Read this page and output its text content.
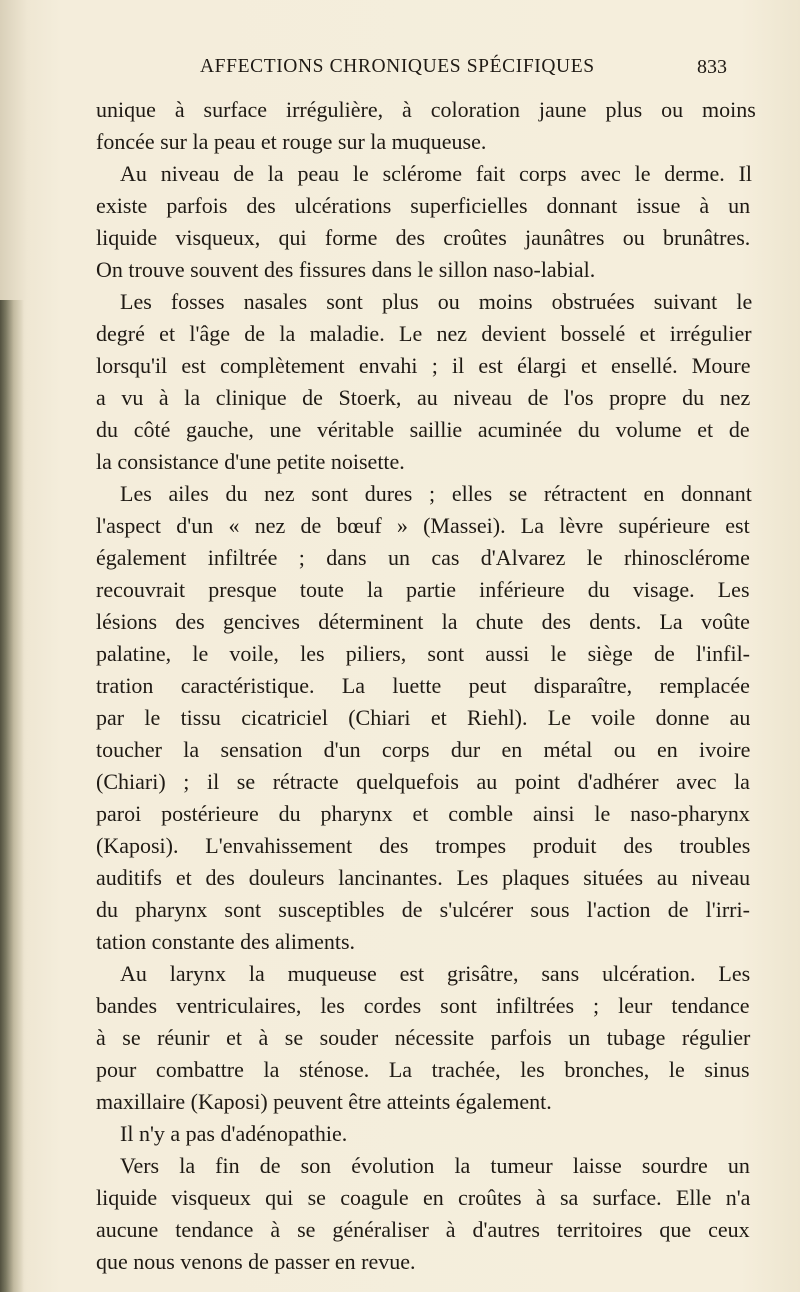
AFFECTIONS CHRONIQUES SPÉCIFIQUES	833
unique à surface irrégulière, à coloration jaune plus ou moins
foncée sur la peau et rouge sur la muqueuse.
Au niveau de la peau le sclérome fait corps avec le derme. Il
existe parfois des ulcérations superficielles donnant issue à un
liquide visqueux, qui forme des croûtes jaunâtres ou brunâtres.
On trouve souvent des fissures dans le sillon naso-labial.
Les fosses nasales sont plus ou moins obstruées suivant le
degré et l'âge de la maladie. Le nez devient bosselé et irrégulier
lorsqu'il est complètement envahi ; il est élargi et ensellé. Moure
a vu à la clinique de Stoerk, au niveau de l'os propre du nez
du côté gauche, une véritable saillie acuminée du volume et de
la consistance d'une petite noisette.
Les ailes du nez sont dures ; elles se rétractent en donnant
l'aspect d'un « nez de bœuf » (Massei). La lèvre supérieure est
également infiltrée ; dans un cas d'Alvarez le rhinosclérome
recouvrait presque toute la partie inférieure du visage. Les
lésions des gencives déterminent la chute des dents. La voûte
palatine, le voile, les piliers, sont aussi le siège de l'infil-
tration caractéristique. La luette peut disparaître, remplacée
par le tissu cicatriciel (Chiari et Riehl). Le voile donne au
toucher la sensation d'un corps dur en métal ou en ivoire
(Chiari) ; il se rétracte quelquefois au point d'adhérer avec la
paroi postérieure du pharynx et comble ainsi le naso-pharynx
(Kaposi). L'envahissement des trompes produit des troubles
auditifs et des douleurs lancinantes. Les plaques situées au niveau
du pharynx sont susceptibles de s'ulcérer sous l'action de l'irri-
tation constante des aliments.
Au larynx la muqueuse est grisâtre, sans ulcération. Les
bandes ventriculaires, les cordes sont infiltrées ; leur tendance
à se réunir et à se souder nécessite parfois un tubage régulier
pour combattre la sténose. La trachée, les bronches, le sinus
maxillaire (Kaposi) peuvent être atteints également.
Il n'y a pas d'adénopathie.
Vers la fin de son évolution la tumeur laisse sourdre un
liquide visqueux qui se coagule en croûtes à sa surface. Elle n'a
aucune tendance à se généraliser à d'autres territoires que ceux
que nous venons de passer en revue.
